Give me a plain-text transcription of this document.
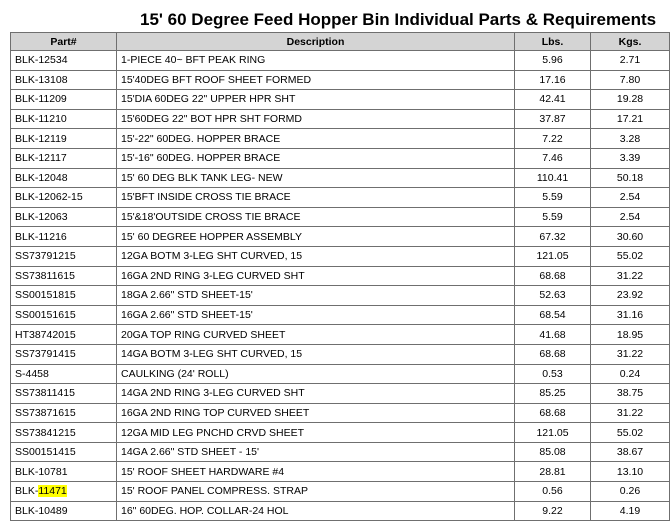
15' 60 Degree Feed Hopper Bin Individual Parts & Requirements
Part#	Description	Lbs.	Kgs.
BLK-12534	1-PIECE 40~ BFT PEAK RING	5.96	2.71
BLK-13108	15'40DEG BFT ROOF SHEET FORMED	17.16	7.80
BLK-11209	15'DIA 60DEG 22" UPPER HPR SHT	42.41	19.28
BLK-11210	15'60DEG 22" BOT HPR SHT FORMD	37.87	17.21
BLK-12119	15'-22" 60DEG. HOPPER BRACE	7.22	3.28
BLK-12117	15'-16" 60DEG. HOPPER BRACE	7.46	3.39
BLK-12048	15' 60 DEG BLK TANK LEG- NEW	110.41	50.18
BLK-12062-15	15'BFT INSIDE CROSS TIE BRACE	5.59	2.54
BLK-12063	15'&18'OUTSIDE CROSS TIE BRACE	5.59	2.54
BLK-11216	15' 60 DEGREE HOPPER ASSEMBLY	67.32	30.60
SS73791215	12GA BOTM 3-LEG SHT CURVED, 15	121.05	55.02
SS73811615	16GA 2ND RING 3-LEG CURVED SHT	68.68	31.22
SS00151815	18GA 2.66" STD SHEET-15'	52.63	23.92
SS00151615	16GA 2.66" STD SHEET-15'	68.54	31.16
HT38742015	20GA TOP RING CURVED SHEET	41.68	18.95
SS73791415	14GA BOTM 3-LEG SHT CURVED, 15	68.68	31.22
S-4458	CAULKING (24' ROLL)	0.53	0.24
SS73811415	14GA 2ND RING 3-LEG CURVED SHT	85.25	38.75
SS73871615	16GA 2ND RING TOP CURVED SHEET	68.68	31.22
SS73841215	12GA MID LEG PNCHD CRVD SHEET	121.05	55.02
SS00151415	14GA 2.66" STD SHEET - 15'	85.08	38.67
BLK-10781	15' ROOF SHEET HARDWARE #4	28.81	13.10
BLK-11471	15' ROOF PANEL COMPRESS. STRAP	0.56	0.26
BLK-10489	16" 60DEG. HOP. COLLAR-24 HOL	9.22	4.19
